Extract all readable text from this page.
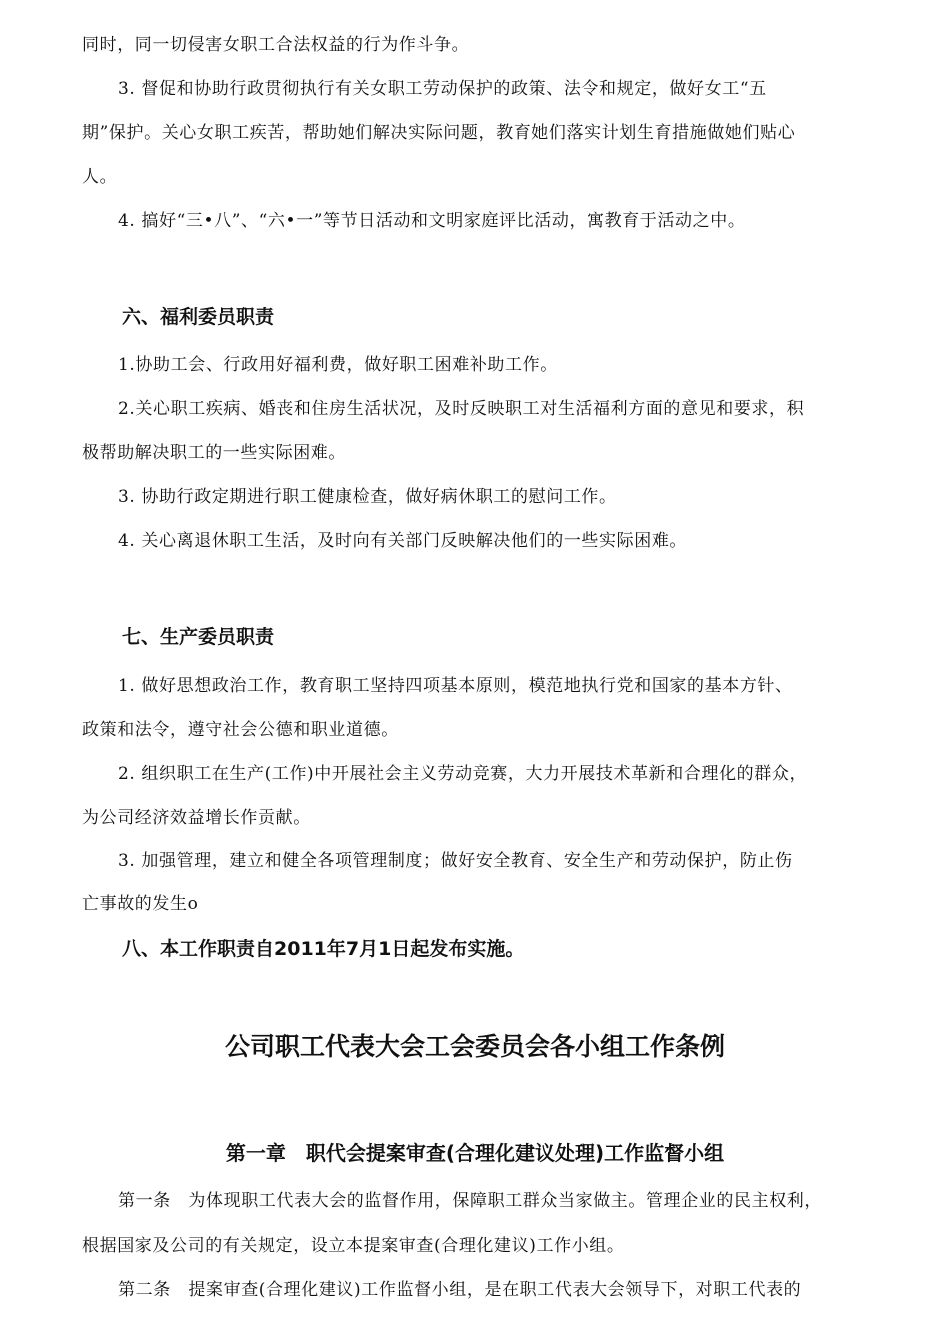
同时，同一切侵害女职工合法权益的行为作斗争。
3. 督促和协助行政贯彻执行有关女职工劳动保护的政策、法令和规定，做好女工“五
期”保护。关心女职工疾苦，帮助她们解决实际问题，教育她们落实计划生育措施做她们贴心
人。
4. 搞好“三•八”、“六•一”等节日活动和文明家庭评比活动，寓教育于活动之中。
六、福利委员职责
1.协助工会、行政用好福利费，做好职工困难补助工作。
2.关心职工疾病、婚丧和住房生活状况，及时反映职工对生活福利方面的意见和要求，积
极帮助解决职工的一些实际困难。
3. 协助行政定期进行职工健康检查，做好病休职工的慰问工作。
4. 关心离退休职工生活，及时向有关部门反映解决他们的一些实际困难。
七、生产委员职责
1. 做好思想政治工作，教育职工坚持四项基本原则，模范地执行党和国家的基本方针、
政策和法令，遵守社会公德和职业道德。
2. 组织职工在生产(工作)中开展社会主义劳动竞赛，大力开展技术革新和合理化的群众，
为公司经济效益增长作贡献。
3. 加强管理，建立和健全各项管理制度；做好安全教育、安全生产和劳动保护，防止伤
亡事故的发生o
八、本工作职责自2011年7月1日起发布实施。
公司职工代表大会工会委员会各小组工作条例
第一章　职代会提案审查(合理化建议处理)工作监督小组
第一条　为体现职工代表大会的监督作用，保障职工群众当家做主。管理企业的民主权利，
根据国家及公司的有关规定，设立本提案审查(合理化建议)工作小组。
第二条　提案审查(合理化建议)工作监督小组，是在职工代表大会领导下，对职工代表的
